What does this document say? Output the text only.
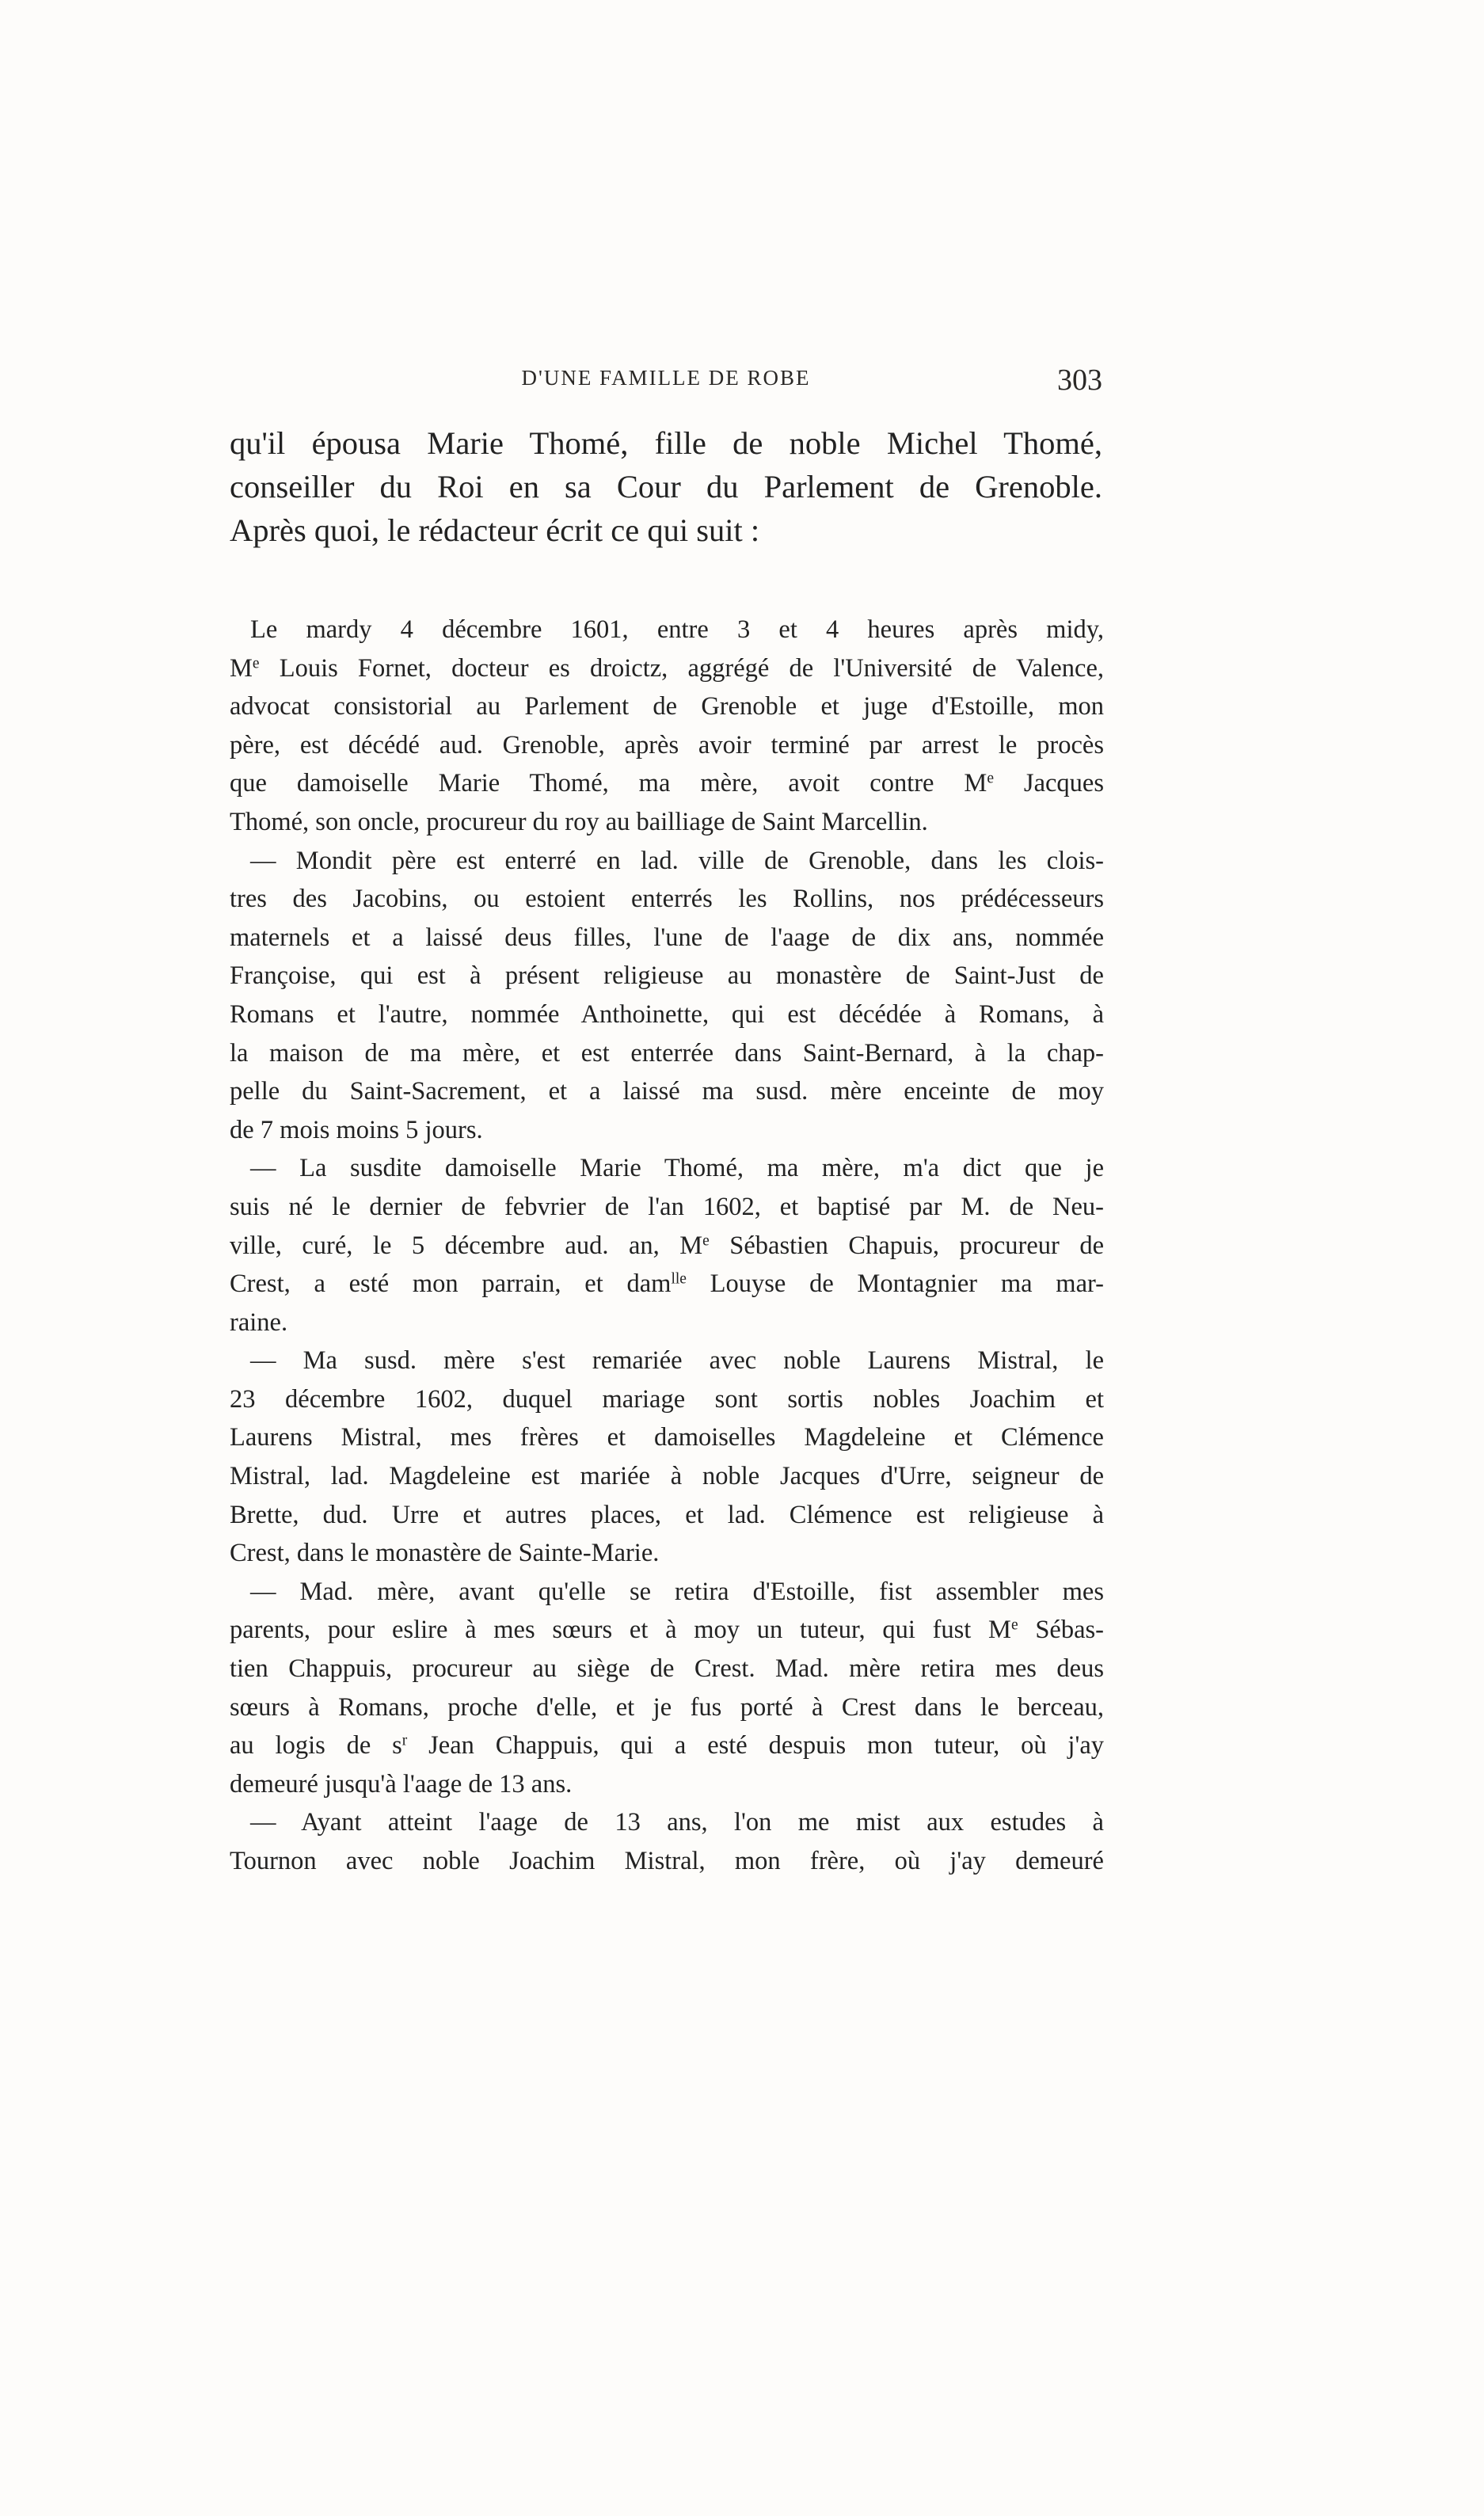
D'UNE FAMILLE DE ROBE	303
qu'il épousa Marie Thomé, fille de noble Michel Thomé,
conseiller du Roi en sa Cour du Parlement de Grenoble.
Après quoi, le rédacteur écrit ce qui suit :
Le mardy 4 décembre 1601, entre 3 et 4 heures après midy,
Me Louis Fornet, docteur es droictz, aggrégé de l'Université de Valence,
advocat consistorial au Parlement de Grenoble et juge d'Estoille, mon
père, est décédé aud. Grenoble, après avoir terminé par arrest le procès
que damoiselle Marie Thomé, ma mère, avoit contre Me Jacques
Thomé, son oncle, procureur du roy au bailliage de Saint Marcellin.
— Mondit père est enterré en lad. ville de Grenoble, dans les clois-
tres des Jacobins, ou estoient enterrés les Rollins, nos prédécesseurs
maternels et a laissé deus filles, l'une de l'aage de dix ans, nommée
Françoise, qui est à présent religieuse au monastère de Saint-Just de
Romans et l'autre, nommée Anthoinette, qui est décédée à Romans, à
la maison de ma mère, et est enterrée dans Saint-Bernard, à la chap-
pelle du Saint-Sacrement, et a laissé ma susd. mère enceinte de moy
de 7 mois moins 5 jours.
— La susdite damoiselle Marie Thomé, ma mère, m'a dict que je
suis né le dernier de febvrier de l'an 1602, et baptisé par M. de Neu-
ville, curé, le 5 décembre aud. an, Me Sébastien Chapuis, procureur de
Crest, a esté mon parrain, et dam$^{lle}$ Louyse de Montagnier ma mar-
raine.
— Ma susd. mère s'est remariée avec noble Laurens Mistral, le
23 décembre 1602, duquel mariage sont sortis nobles Joachim et
Laurens Mistral, mes frères et damoiselles Magdeleine et Clémence
Mistral, lad. Magdeleine est mariée à noble Jacques d'Urre, seigneur de
Brette, dud. Urre et autres places, et lad. Clémence est religieuse à
Crest, dans le monastère de Sainte-Marie.
— Mad. mère, avant qu'elle se retira d'Estoille, fist assembler mes
parents, pour eslire à mes sœurs et à moy un tuteur, qui fust Me Sébas-
tien Chappuis, procureur au siège de Crest. Mad. mère retira mes deus
sœurs à Romans, proche d'elle, et je fus porté à Crest dans le berceau,
au logis de $s^r$ Jean Chappuis, qui a esté despuis mon tuteur, où j'ay
demeuré jusqu'à l'aage de 13 ans.
— Ayant atteint l'aage de 13 ans, l'on me mist aux estudes à
Tournon avec noble Joachim Mistral, mon frère, où j'ay demeuré
